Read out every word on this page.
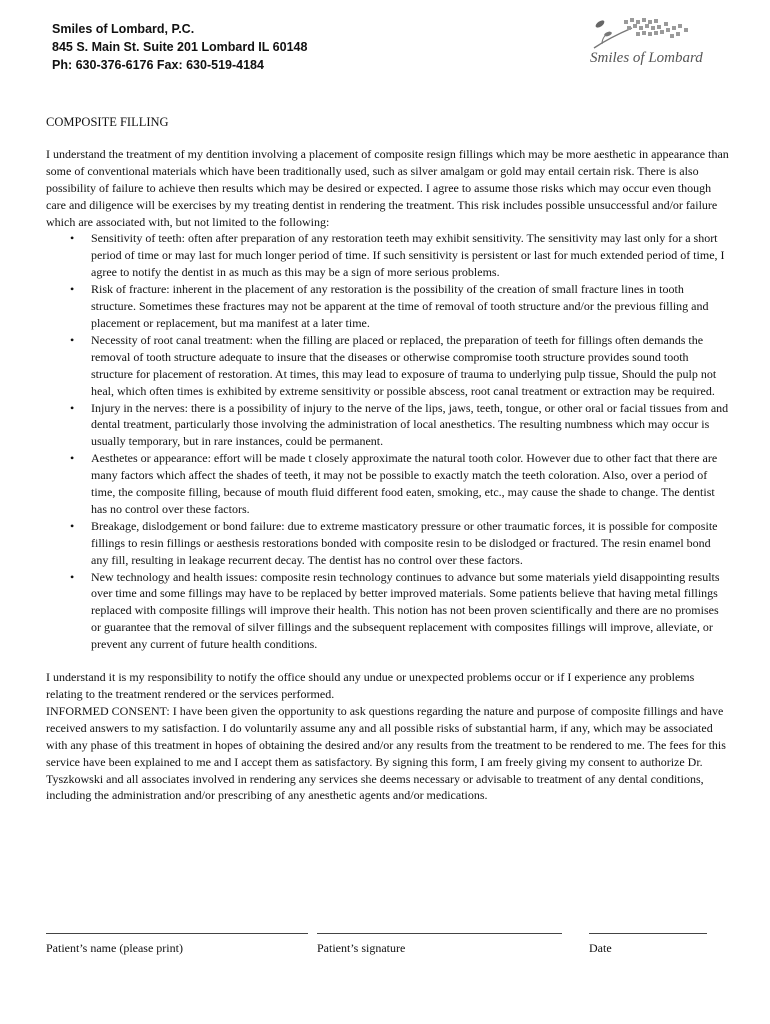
Smiles of Lombard, P.C.
845 S. Main St. Suite 201 Lombard IL 60148
Ph: 630-376-6176 Fax: 630-519-4184	Smiles of Lombard
COMPOSITE FILLING

I understand the treatment of my dentition involving a placement of composite resign fillings which may be more aesthetic in appearance than some of conventional materials which have been traditionally used, such as silver amalgam or gold may entail certain risk. There is also possibility of failure to achieve then results which may be desired or expected. I agree to assume those risks which may occur even though care and diligence will be exercises by my treating dentist in rendering the treatment. This risk includes possible unsuccessful and/or failure which are associated with, but not limited to the following:

• Sensitivity of teeth: often after preparation of any restoration teeth may exhibit sensitivity. The sensitivity may last only for a short period of time or may last for much longer period of time. If such sensitivity is persistent or last for much extended period of time, I agree to notify the dentist in as much as this may be a sign of more serious problems.
• Risk of fracture: inherent in the placement of any restoration is the possibility of the creation of small fracture lines in tooth structure. Sometimes these fractures may not be apparent at the time of removal of tooth structure and/or the previous filling and placement or replacement, but ma manifest at a later time.
• Necessity of root canal treatment: when the filling are placed or replaced, the preparation of teeth for fillings often demands the removal of tooth structure adequate to insure that the diseases or otherwise compromise tooth structure provides sound tooth structure for placement of restoration. At times, this may lead to exposure of trauma to underlying pulp tissue, Should the pulp not heal, which often times is exhibited by extreme sensitivity or possible abscess, root canal treatment or extraction may be required.
• Injury in the nerves: there is a possibility of injury to the nerve of the lips, jaws, teeth, tongue, or other oral or facial tissues from and dental treatment, particularly those involving the administration of local anesthetics. The resulting numbness which may occur is usually temporary, but in rare instances, could be permanent.
• Aesthetes or appearance: effort will be made t closely approximate the natural tooth color. However due to other fact that there are many factors which affect the shades of teeth, it may not be possible to exactly match the teeth coloration. Also, over a period of time, the composite filling, because of mouth fluid different food eaten, smoking, etc., may cause the shade to change. The dentist has no control over these factors.
• Breakage, dislodgement or bond failure: due to extreme masticatory pressure or other traumatic forces, it is possible for composite fillings to resin fillings or aesthesis restorations bonded with composite resin to be dislodged or fractured. The resin enamel bond any fill, resulting in leakage recurrent decay. The dentist has no control over these factors.
• New technology and health issues: composite resin technology continues to advance but some materials yield disappointing results over time and some fillings may have to be replaced by better improved materials. Some patients believe that having metal fillings replaced with composite fillings will improve their health. This notion has not been proven scientifically and there are no promises or guarantee that the removal of silver fillings and the subsequent replacement with composites fillings will improve, alleviate, or prevent any current of future health conditions.

I understand it is my responsibility to notify the office should any undue or unexpected problems occur or if I experience any problems relating to the treatment rendered or the services performed.

INFORMED CONSENT: I have been given the opportunity to ask questions regarding the nature and purpose of composite fillings and have received answers to my satisfaction. I do voluntarily assume any and all possible risks of substantial harm, if any, which may be associated with any phase of this treatment in hopes of obtaining the desired and/or any results from the treatment to be rendered to me. The fees for this service have been explained to me and I accept them as satisfactory. By signing this form, I am freely giving my consent to authorize Dr. Tyszkowski and all associates involved in rendering any services she deems necessary or advisable to treatment of any dental conditions, including the administration and/or prescribing of any anesthetic agents and/or medications.

Patient’s name (please print)	Patient’s signature	Date
